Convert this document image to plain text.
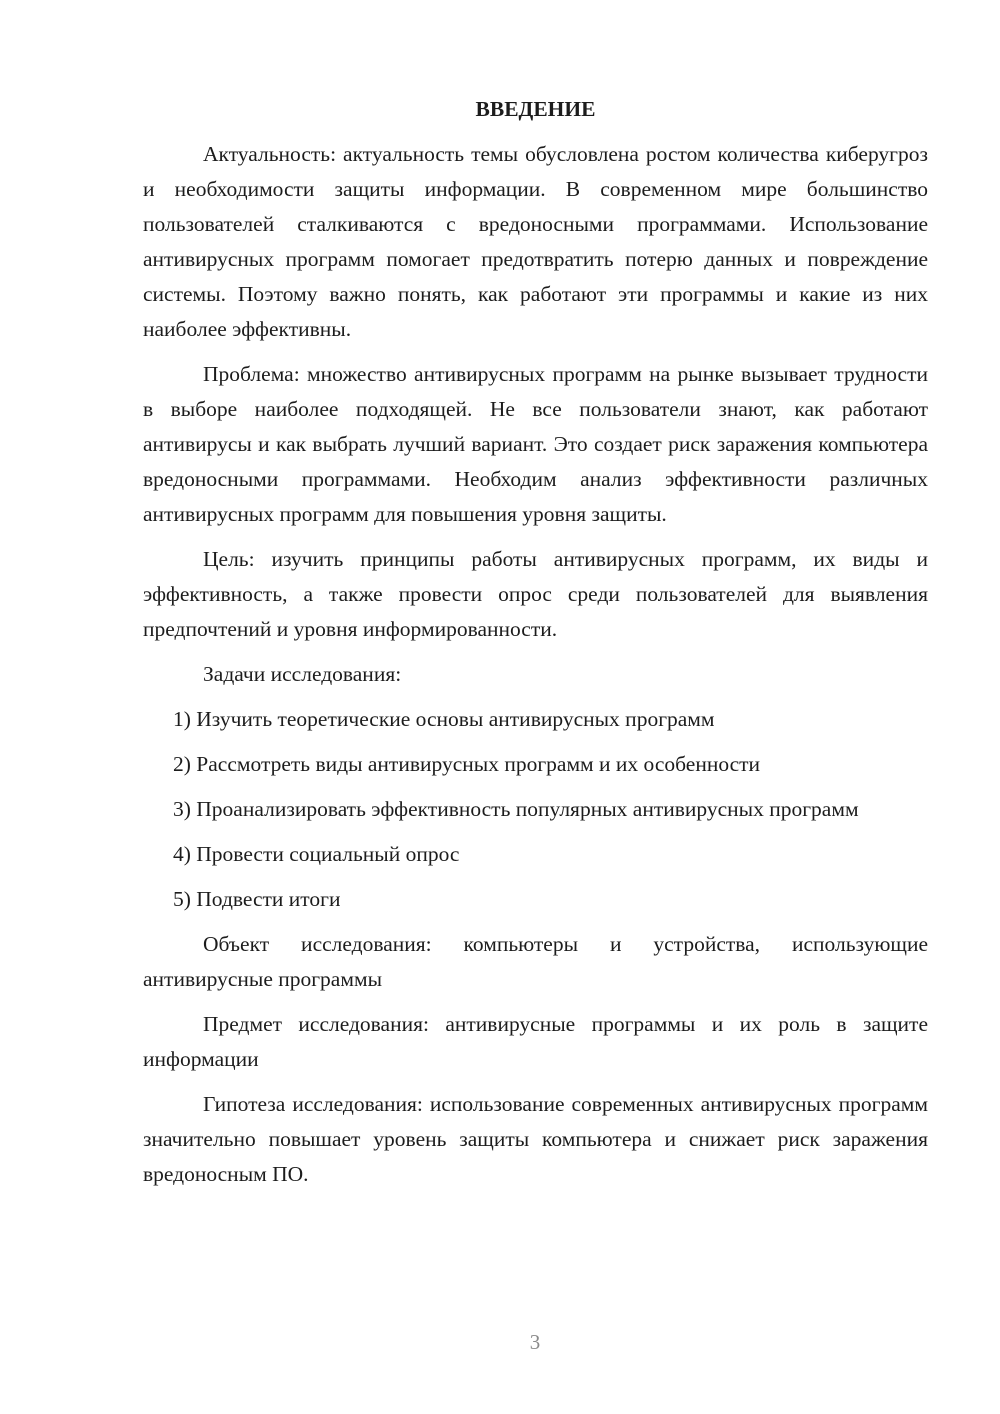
ВВЕДЕНИЕ

Актуальность: актуальность темы обусловлена ростом количества киберугроз и необходимости защиты информации. В современном мире большинство пользователей сталкиваются с вредоносными программами. Использование антивирусных программ помогает предотвратить потерю данных и повреждение системы. Поэтому важно понять, как работают эти программы и какие из них наиболее эффективны.

Проблема: множество антивирусных программ на рынке вызывает трудности в выборе наиболее подходящей. Не все пользователи знают, как работают антивирусы и как выбрать лучший вариант. Это создает риск заражения компьютера вредоносными программами. Необходим анализ эффективности различных антивирусных программ для повышения уровня защиты.

Цель: изучить принципы работы антивирусных программ, их виды и эффективность, а также провести опрос среди пользователей для выявления предпочтений и уровня информированности.

Задачи исследования:

1) Изучить теоретические основы антивирусных программ

2) Рассмотреть виды антивирусных программ и их особенности

3) Проанализировать эффективность популярных антивирусных программ

4) Провести социальный опрос

5) Подвести итоги

Объект исследования: компьютеры и устройства, использующие антивирусные программы

Предмет исследования: антивирусные программы и их роль в защите информации

Гипотеза исследования: использование современных антивирусных программ значительно повышает уровень защиты компьютера и снижает риск заражения вредоносным ПО.

3
